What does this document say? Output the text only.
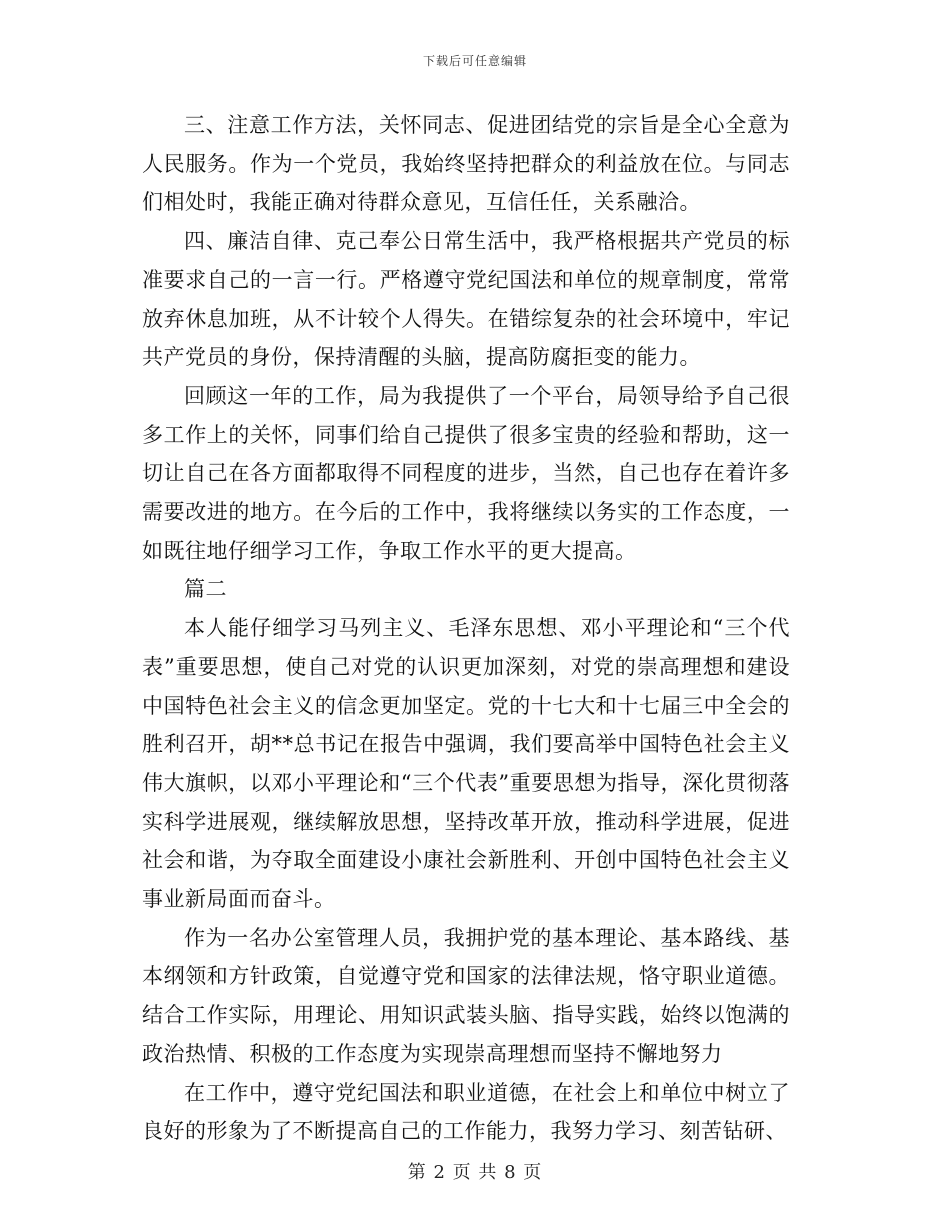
下载后可任意编辑

三、注意工作方法，关怀同志、促进团结党的宗旨是全心全意为人民服务。作为一个党员，我始终坚持把群众的利益放在位。与同志们相处时，我能正确对待群众意见，互信任任，关系融洽。

四、廉洁自律、克己奉公日常生活中，我严格根据共产党员的标准要求自己的一言一行。严格遵守党纪国法和单位的规章制度，常常放弃休息加班，从不计较个人得失。在错综复杂的社会环境中，牢记共产党员的身份，保持清醒的头脑，提高防腐拒变的能力。

回顾这一年的工作，局为我提供了一个平台，局领导给予自己很多工作上的关怀，同事们给自己提供了很多宝贵的经验和帮助，这一切让自己在各方面都取得不同程度的进步，当然，自己也存在着许多需要改进的地方。在今后的工作中，我将继续以务实的工作态度，一如既往地仔细学习工作，争取工作水平的更大提高。

篇二

本人能仔细学习马列主义、毛泽东思想、邓小平理论和“三个代表”重要思想，使自己对党的认识更加深刻，对党的崇高理想和建设中国特色社会主义的信念更加坚定。党的十七大和十七届三中全会的胜利召开，胡**总书记在报告中强调，我们要高举中国特色社会主义伟大旗帜，以邓小平理论和“三个代表”重要思想为指导，深化贯彻落实科学进展观，继续解放思想，坚持改革开放，推动科学进展，促进社会和谐，为夺取全面建设小康社会新胜利、开创中国特色社会主义事业新局面而奋斗。

作为一名办公室管理人员，我拥护党的基本理论、基本路线、基本纲领和方针政策，自觉遵守党和国家的法律法规，恪守职业道德。结合工作实际，用理论、用知识武装头脑、指导实践，始终以饱满的政治热情、积极的工作态度为实现崇高理想而坚持不懈地努力

在工作中，遵守党纪国法和职业道德，在社会上和单位中树立了良好的形象为了不断提高自己的工作能力，我努力学习、刻苦钻研、

第 2 页 共 8 页
